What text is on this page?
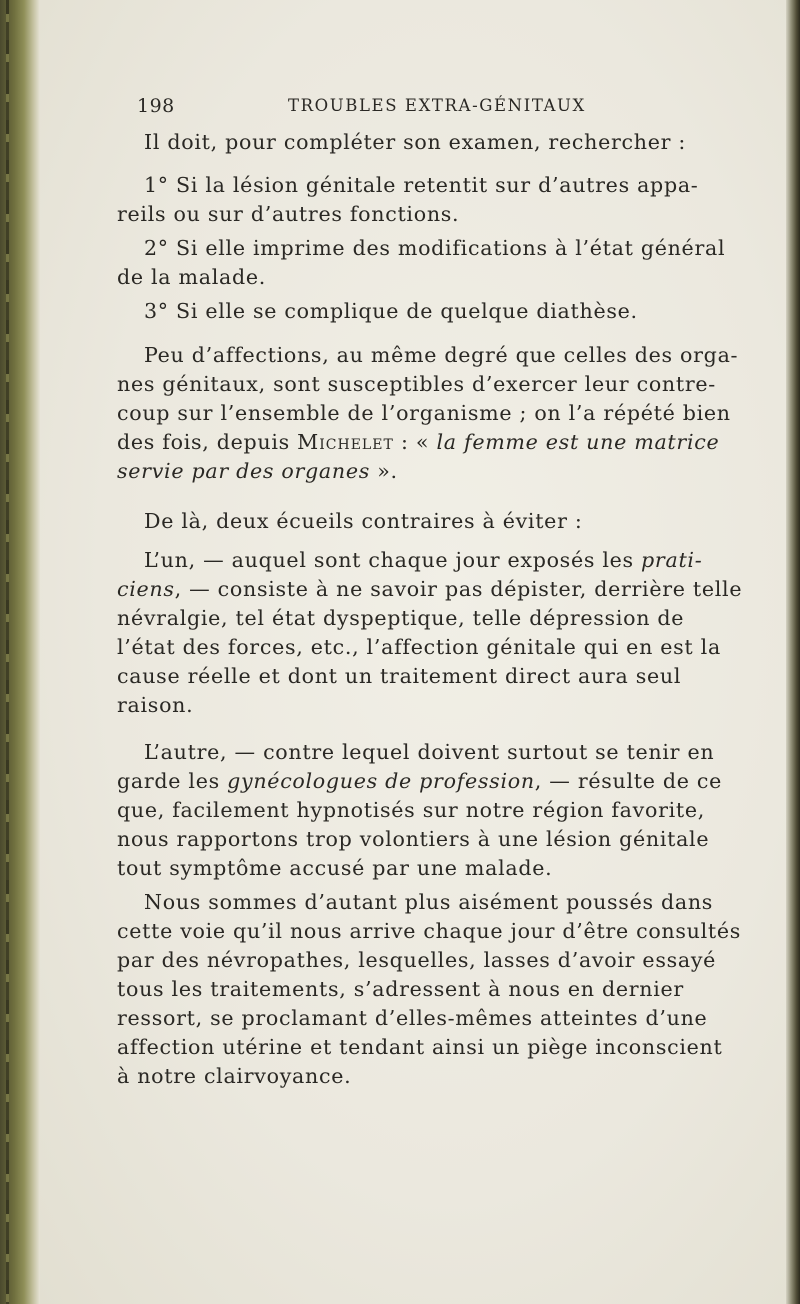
198	TROUBLES EXTRA-GÉNITAUX
Il doit, pour compléter son examen, rechercher :
1° Si la lésion génitale retentit sur d’autres appa-
reils ou sur d’autres fonctions.
2° Si elle imprime des modifications à l’état général
de la malade.
3° Si elle se complique de quelque diathèse.
Peu d’affections, au même degré que celles des orga-
nes génitaux, sont susceptibles d’exercer leur contre-
coup sur l’ensemble de l’organisme ; on l’a répété bien
des fois, depuis Michelet : « la femme est une matrice
servie par des organes ».
De là, deux écueils contraires à éviter :
L’un, — auquel sont chaque jour exposés les prati-
ciens, — consiste à ne savoir pas dépister, derrière telle
névralgie, tel état dyspeptique, telle dépression de
l’état des forces, etc., l’affection génitale qui en est la
cause réelle et dont un traitement direct aura seul
raison.
L’autre, — contre lequel doivent surtout se tenir en
garde les gynécologues de profession, — résulte de ce
que, facilement hypnotisés sur notre région favorite,
nous rapportons trop volontiers à une lésion génitale
tout symptôme accusé par une malade.
Nous sommes d’autant plus aisément poussés dans
cette voie qu’il nous arrive chaque jour d’être consultés
par des névropathes, lesquelles, lasses d’avoir essayé
tous les traitements, s’adressent à nous en dernier
ressort, se proclamant d’elles-mêmes atteintes d’une
affection utérine et tendant ainsi un piège inconscient
à notre clairvoyance.
